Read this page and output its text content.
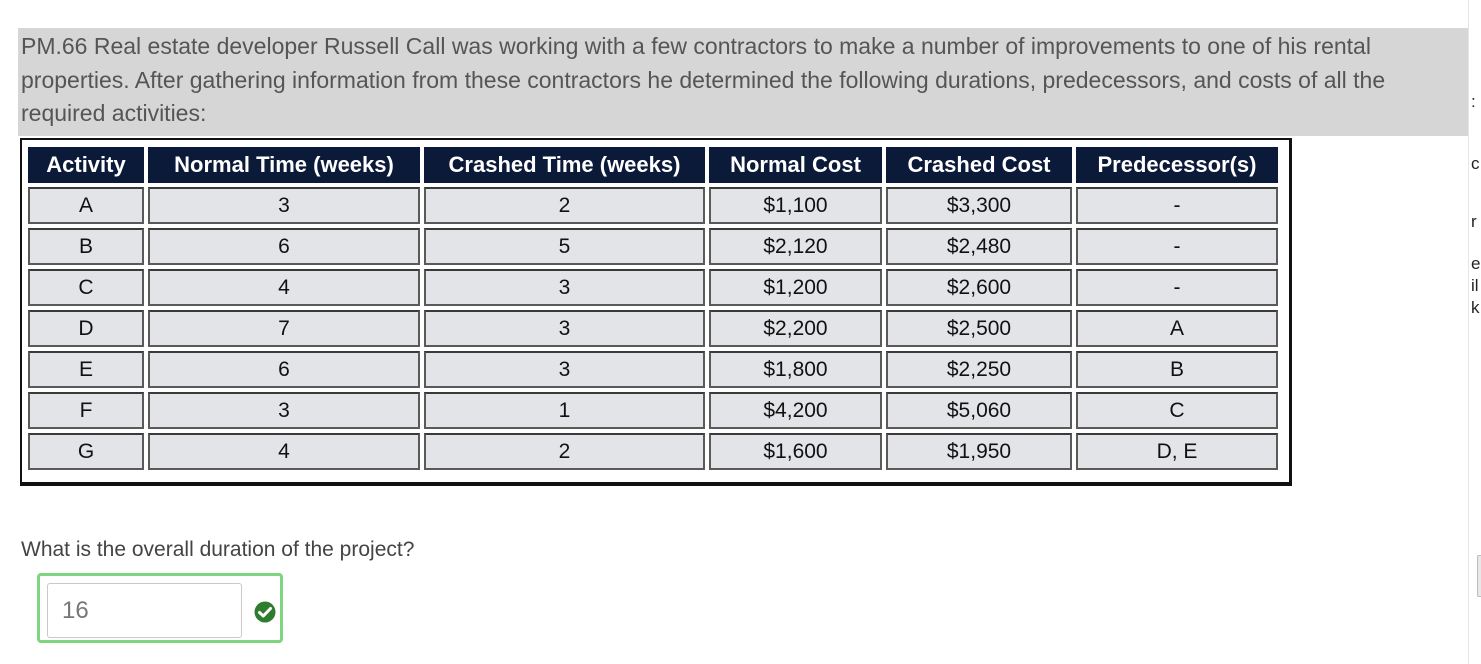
PM.66 Real estate developer Russell Call was working with a few contractors to make a number of improvements to one of his rental properties. After gathering information from these contractors he determined the following durations, predecessors, and costs of all the required activities:
Activity	Normal Time (weeks)	Crashed Time (weeks)	Normal Cost	Crashed Cost	Predecessor(s)
A	3	2	$1,100	$3,300	-
B	6	5	$2,120	$2,480	-
C	4	3	$1,200	$2,600	-
D	7	3	$2,200	$2,500	A
E	6	3	$1,800	$2,250	B
F	3	1	$4,200	$5,060	C
G	4	2	$1,600	$1,950	D, E
What is the overall duration of the project?
16
c
r
e
il
k
:
